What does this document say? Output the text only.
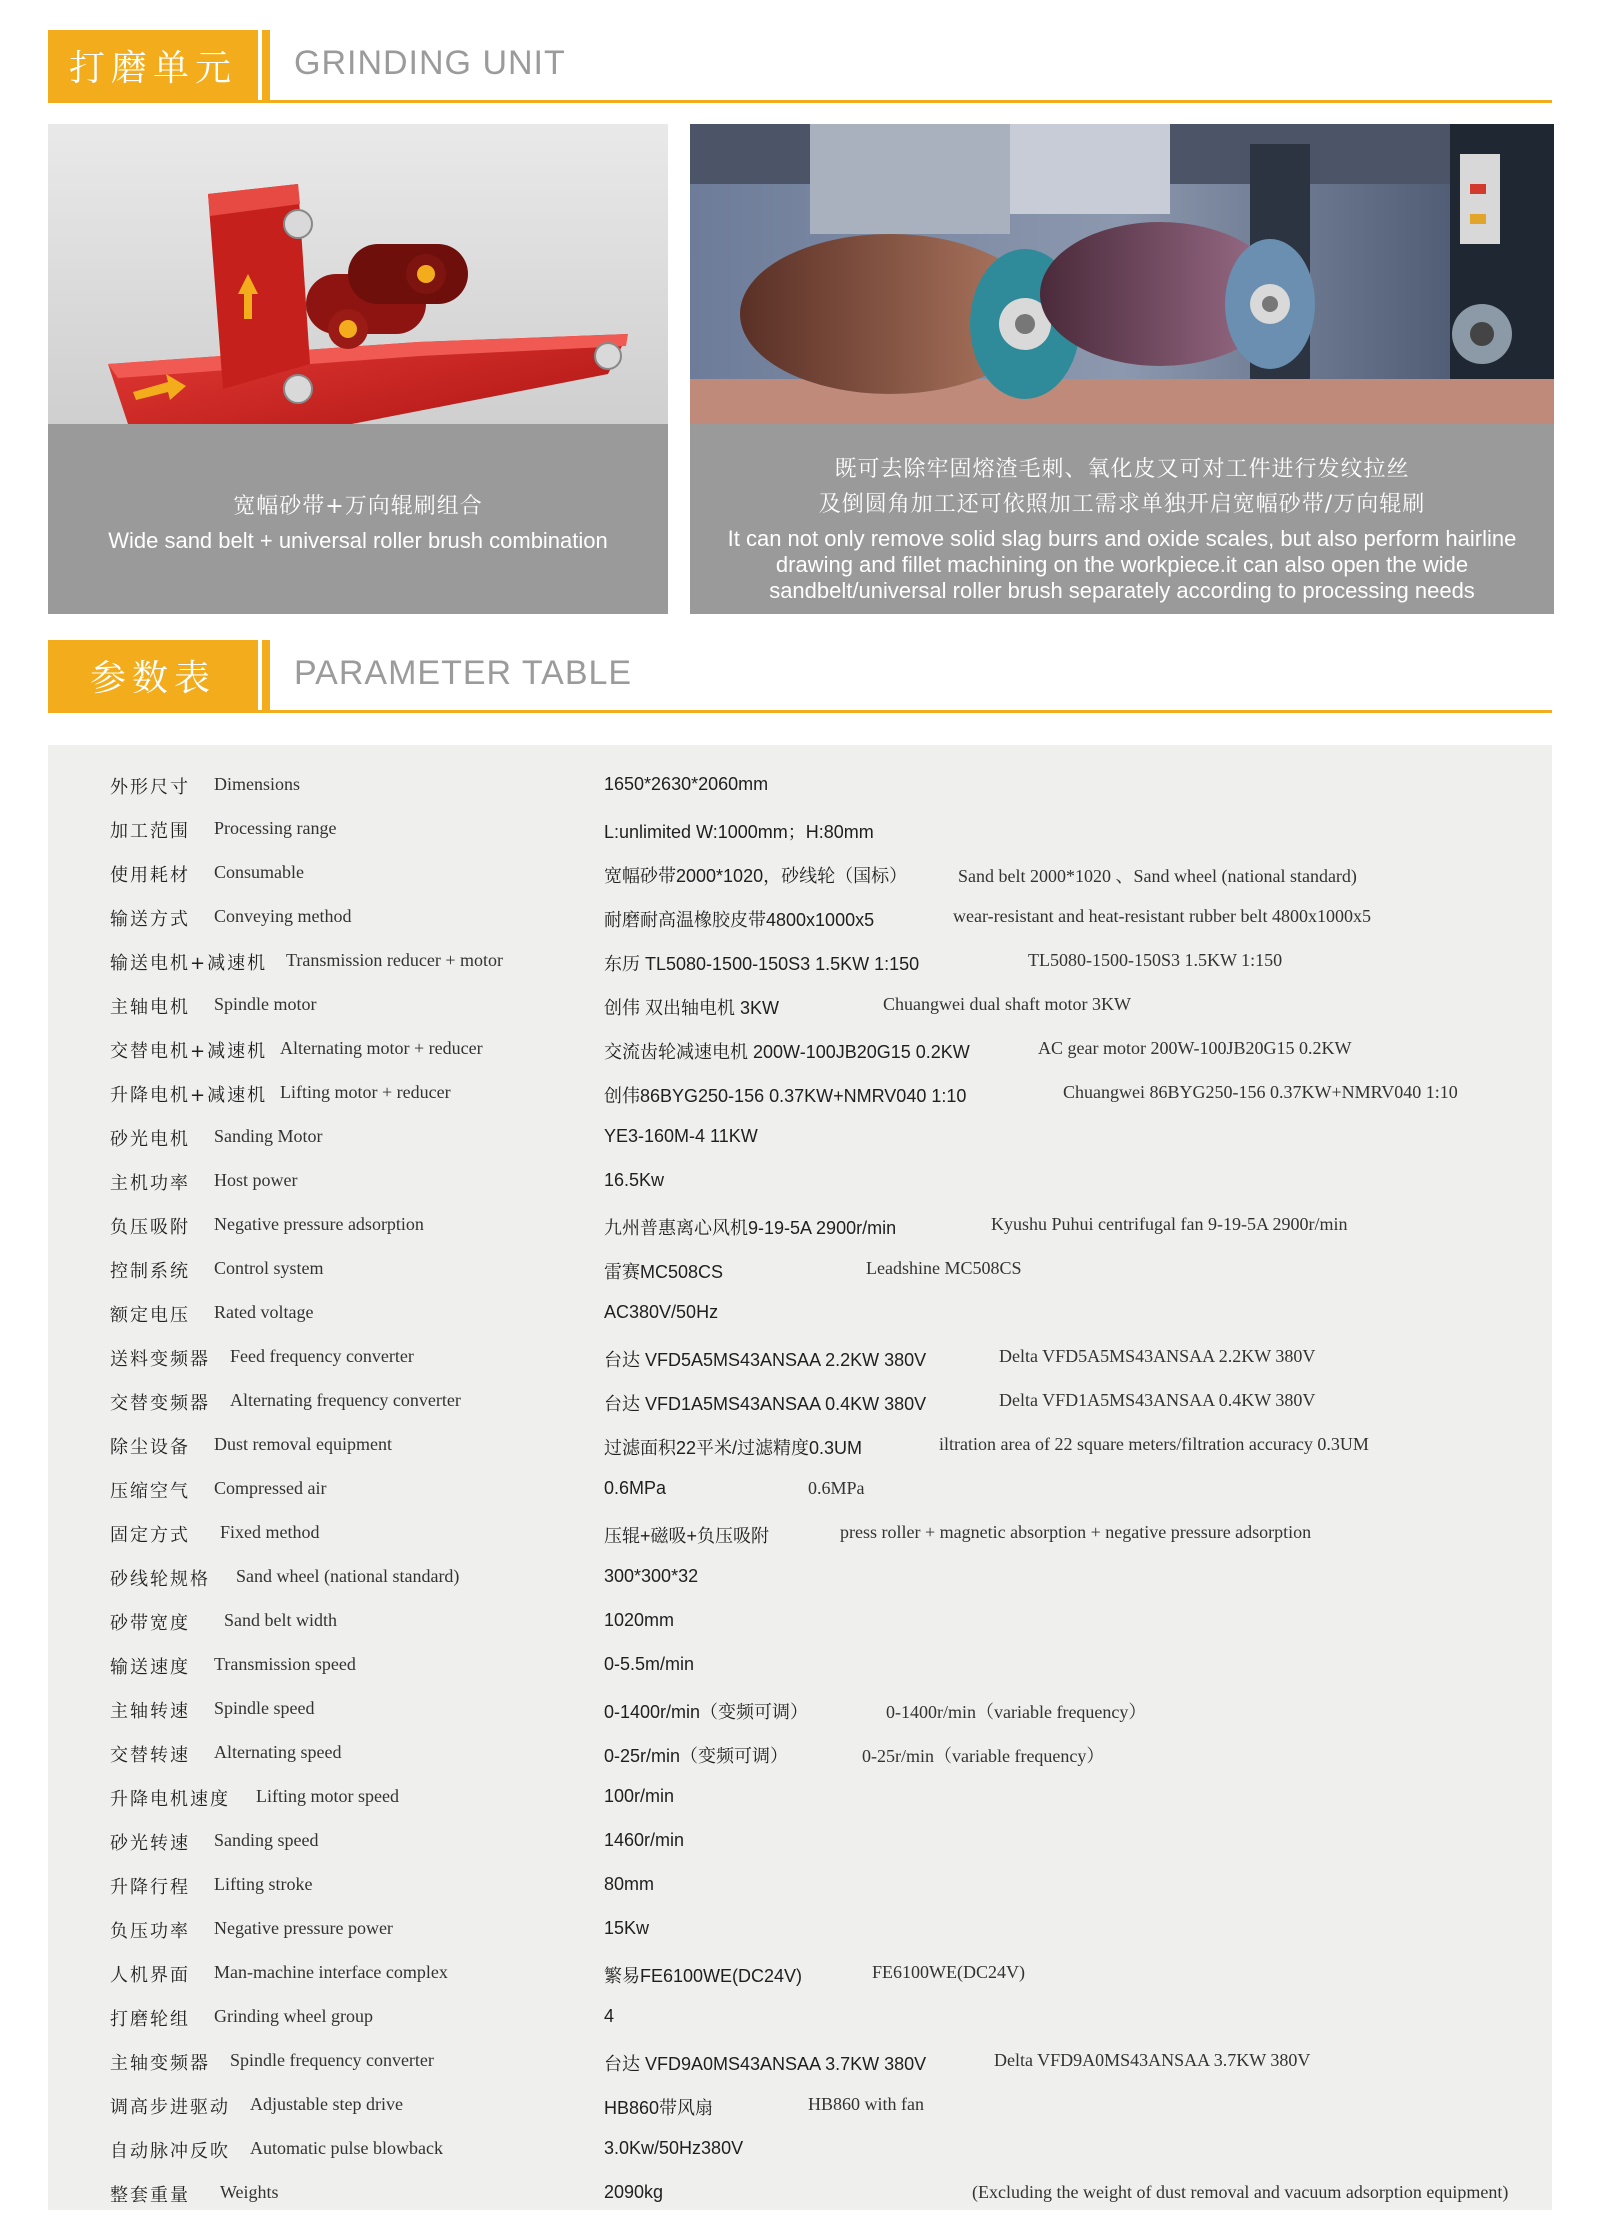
打磨单元	GRINDING UNIT
宽幅砂带+万向辊刷组合
Wide sand belt + universal roller brush combination
既可去除牢固熔渣毛刺、氧化皮又可对工件进行发纹拉丝
及倒圆角加工还可依照加工需求单独开启宽幅砂带/万向辊刷
It can not only remove solid slag burrs and oxide scales, but also perform hairline
drawing and fillet machining on the workpiece.it can also open the wide
sandbelt/universal roller brush separately according to processing needs
参数表	PARAMETER TABLE
外形尺寸 Dimensions	1650*2630*2060mm
加工范围 Processing range	L:unlimited W:1000mm；H:80mm
使用耗材 Consumable	宽幅砂带2000*1020，砂线轮（国标）	Sand belt 2000*1020 、Sand wheel (national standard)
输送方式 Conveying method	耐磨耐高温橡胶皮带4800x1000x5	wear-resistant and heat-resistant rubber belt 4800x1000x5
输送电机+减速机 Transmission reducer + motor	东历 TL5080-1500-150S3 1.5KW 1:150	TL5080-1500-150S3 1.5KW 1:150
主轴电机 Spindle motor	创伟 双出轴电机 3KW	Chuangwei dual shaft motor 3KW
交替电机+减速机 Alternating motor + reducer	交流齿轮减速电机 200W-100JB20G15 0.2KW	AC gear motor 200W-100JB20G15 0.2KW
升降电机+减速机 Lifting motor + reducer	创伟86BYG250-156 0.37KW+NMRV040 1:10	Chuangwei 86BYG250-156 0.37KW+NMRV040 1:10
砂光电机 Sanding Motor	YE3-160M-4 11KW
主机功率 Host power	16.5Kw
负压吸附 Negative pressure adsorption	九州普惠离心风机9-19-5A 2900r/min	Kyushu Puhui centrifugal fan 9-19-5A 2900r/min
控制系统 Control system	雷赛MC508CS	Leadshine MC508CS
额定电压 Rated voltage	AC380V/50Hz
送料变频器 Feed frequency converter	台达 VFD5A5MS43ANSAA 2.2KW 380V	Delta VFD5A5MS43ANSAA 2.2KW 380V
交替变频器 Alternating frequency converter	台达 VFD1A5MS43ANSAA 0.4KW 380V	Delta VFD1A5MS43ANSAA 0.4KW 380V
除尘设备 Dust removal equipment	过滤面积22平米/过滤精度0.3UM	iltration area of 22 square meters/filtration accuracy 0.3UM
压缩空气 Compressed air	0.6MPa	0.6MPa
固定方式 Fixed method	压辊+磁吸+负压吸附	press roller + magnetic absorption + negative pressure adsorption
砂线轮规格 Sand wheel (national standard)	300*300*32
砂带宽度 Sand belt width	1020mm
输送速度 Transmission speed	0-5.5m/min
主轴转速 Spindle speed	0-1400r/min（变频可调）	0-1400r/min（variable frequency）
交替转速 Alternating speed	0-25r/min（变频可调）	0-25r/min（variable frequency）
升降电机速度 Lifting motor speed	100r/min
砂光转速 Sanding speed	1460r/min
升降行程 Lifting stroke	80mm
负压功率 Negative pressure power	15Kw
人机界面 Man-machine interface complex	繁易FE6100WE(DC24V)	FE6100WE(DC24V)
打磨轮组 Grinding wheel group	4
主轴变频器 Spindle frequency converter	台达 VFD9A0MS43ANSAA 3.7KW 380V	Delta VFD9A0MS43ANSAA 3.7KW 380V
调高步进驱动 Adjustable step drive	HB860带风扇	HB860 with fan
自动脉冲反吹 Automatic pulse blowback	3.0Kw/50Hz380V
整套重量 Weights	2090kg	(Excluding the weight of dust removal and vacuum adsorption equipment)
